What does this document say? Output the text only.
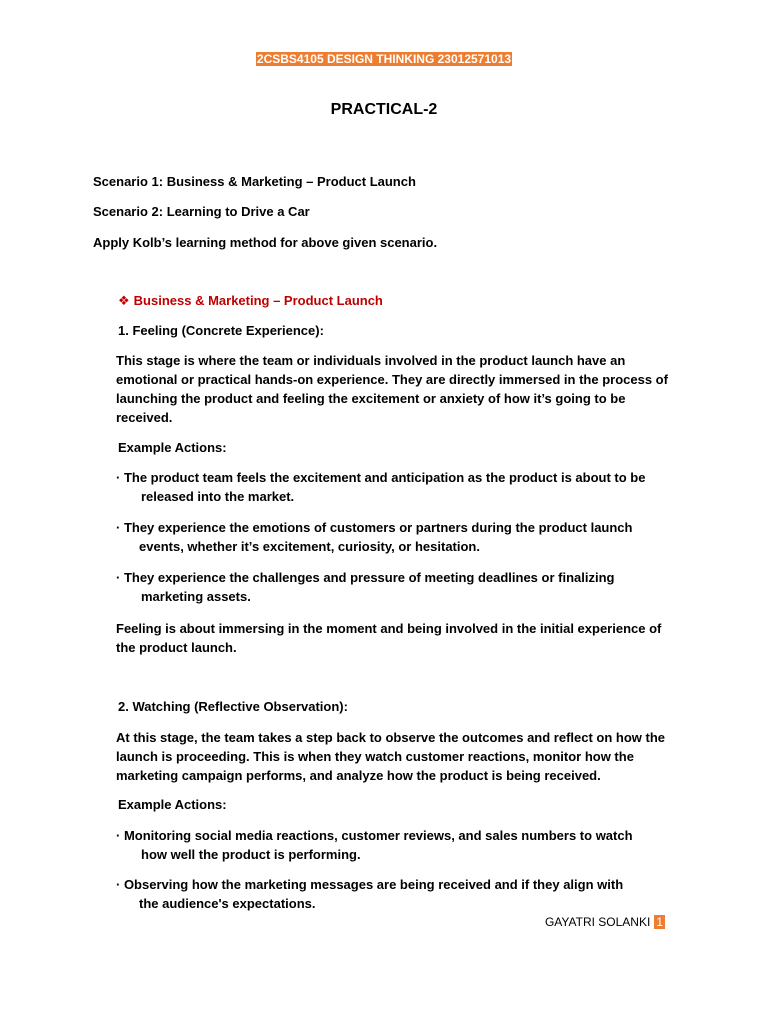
2CSBS4105 DESIGN THINKING 23012571013
PRACTICAL-2
Scenario 1: Business & Marketing – Product Launch
Scenario 2: Learning to Drive a Car
Apply Kolb’s learning method for above given scenario.
❖ Business & Marketing – Product Launch
1. Feeling (Concrete Experience):
This stage is where the team or individuals involved in the product launch have an emotional or practical hands-on experience. They are directly immersed in the process of launching the product and feeling the excitement or anxiety of how it’s going to be received.
Example Actions:
· The product team feels the excitement and anticipation as the product is about to be
released into the market.
· They experience the emotions of customers or partners during the product launch
events, whether it’s excitement, curiosity, or hesitation.
· They experience the challenges and pressure of meeting deadlines or finalizing
marketing assets.
Feeling is about immersing in the moment and being involved in the initial experience of the product launch.
2. Watching (Reflective Observation):
At this stage, the team takes a step back to observe the outcomes and reflect on how the launch is proceeding. This is when they watch customer reactions, monitor how the marketing campaign performs, and analyze how the product is being received.
Example Actions:
· Monitoring social media reactions, customer reviews, and sales numbers to watch
how well the product is performing.
· Observing how the marketing messages are being received and if they align with
the audience's expectations.
GAYATRI SOLANKI 1
